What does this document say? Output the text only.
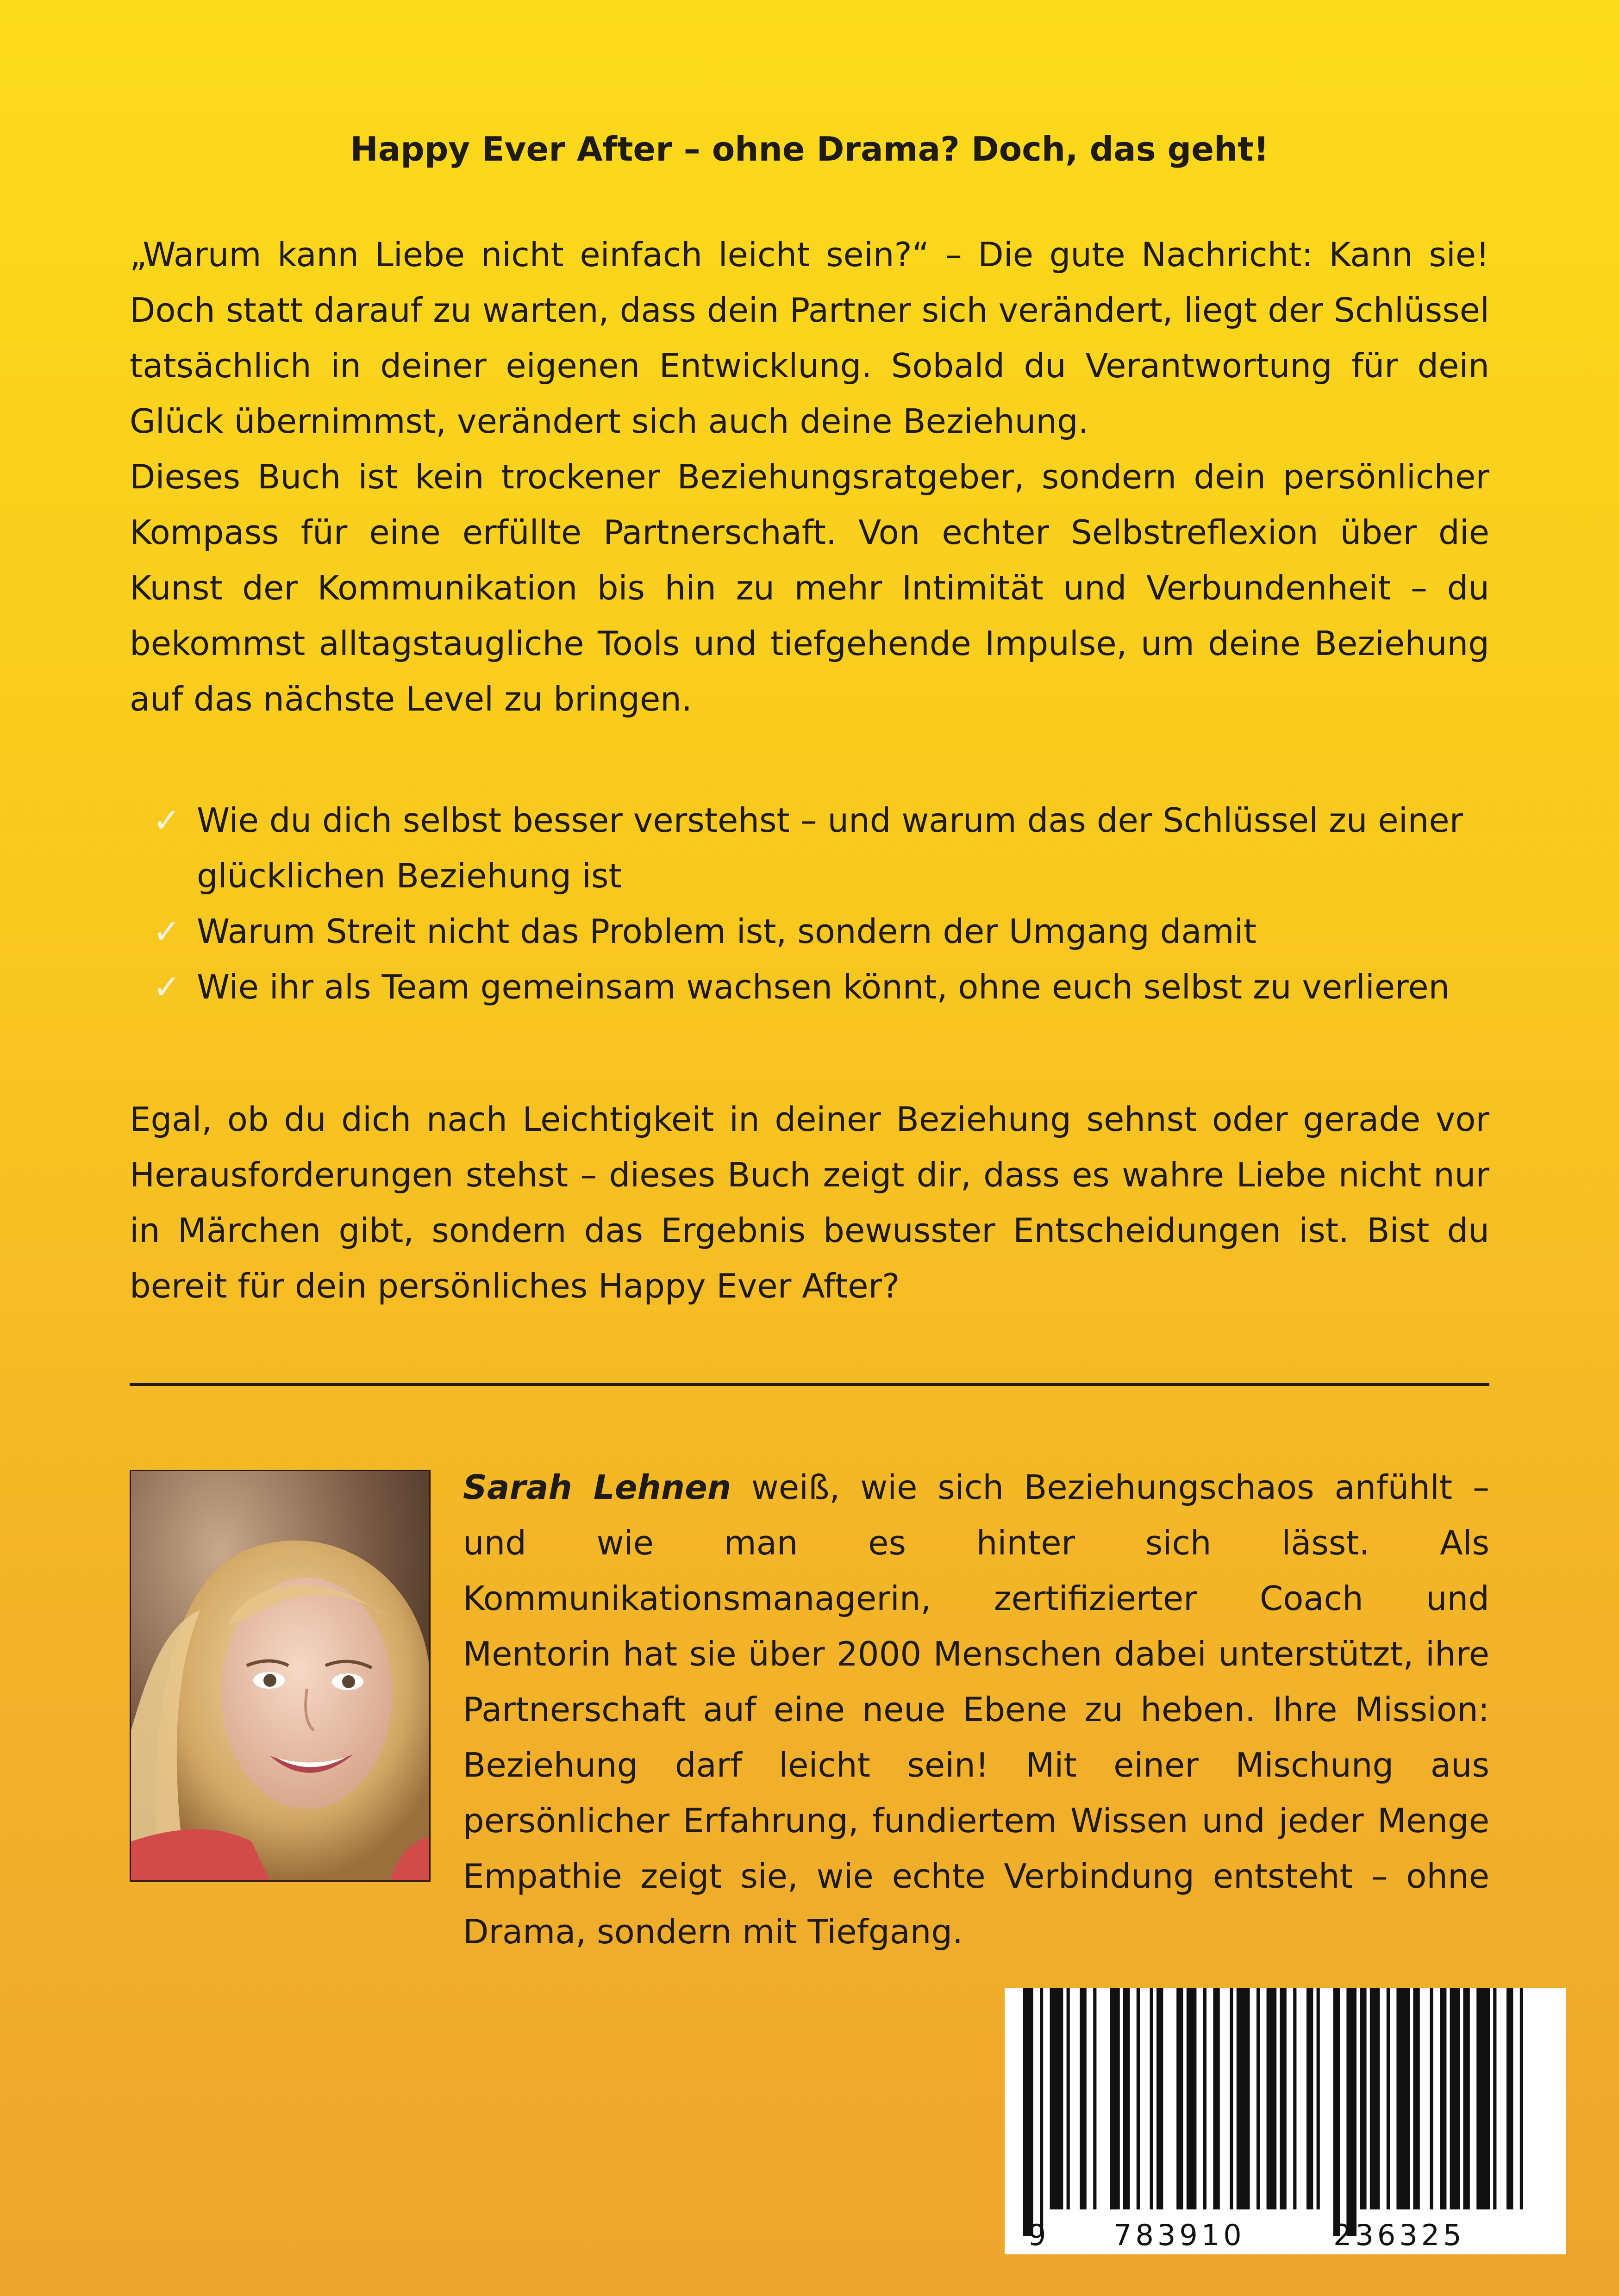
Happy Ever After – ohne Drama? Doch, das geht!

„Warum kann Liebe nicht einfach leicht sein?“ – Die gute Nachricht: Kann sie! Doch statt darauf zu warten, dass dein Partner sich verändert, liegt der Schlüssel tatsächlich in deiner eigenen Entwicklung. Sobald du Verantwortung für dein Glück übernimmst, verändert sich auch deine Beziehung.

Dieses Buch ist kein trockener Beziehungsratgeber, sondern dein persönlicher Kompass für eine erfüllte Partnerschaft. Von echter Selbstreflexion über die Kunst der Kommunikation bis hin zu mehr Intimität und Verbundenheit – du bekommst alltagstaugliche Tools und tiefgehende Impulse, um deine Beziehung auf das nächste Level zu bringen.

✓ Wie du dich selbst besser verstehst – und warum das der Schlüssel zu einer glücklichen Beziehung ist
✓ Warum Streit nicht das Problem ist, sondern der Umgang damit
✓ Wie ihr als Team gemeinsam wachsen könnt, ohne euch selbst zu verlieren
Egal, ob du dich nach Leichtigkeit in deiner Beziehung sehnst oder gerade vor Herausforderungen stehst – dieses Buch zeigt dir, dass es wahre Liebe nicht nur in Märchen gibt, sondern das Ergebnis bewusster Entscheidungen ist. Bist du bereit für dein persönliches Happy Ever After?
Sarah Lehnen weiß, wie sich Beziehungschaos anfühlt – und wie man es hinter sich lässt. Als Kommunikationsmanagerin, zertifizierter Coach und Mentorin hat sie über 2000 Menschen dabei unterstützt, ihre Partnerschaft auf eine neue Ebene zu heben. Ihre Mission: Beziehung darf leicht sein! Mit einer Mischung aus persönlicher Erfahrung, fundiertem Wissen und jeder Menge Empathie zeigt sie, wie echte Verbindung entsteht – ohne Drama, sondern mit Tiefgang.
9 783910	236325
